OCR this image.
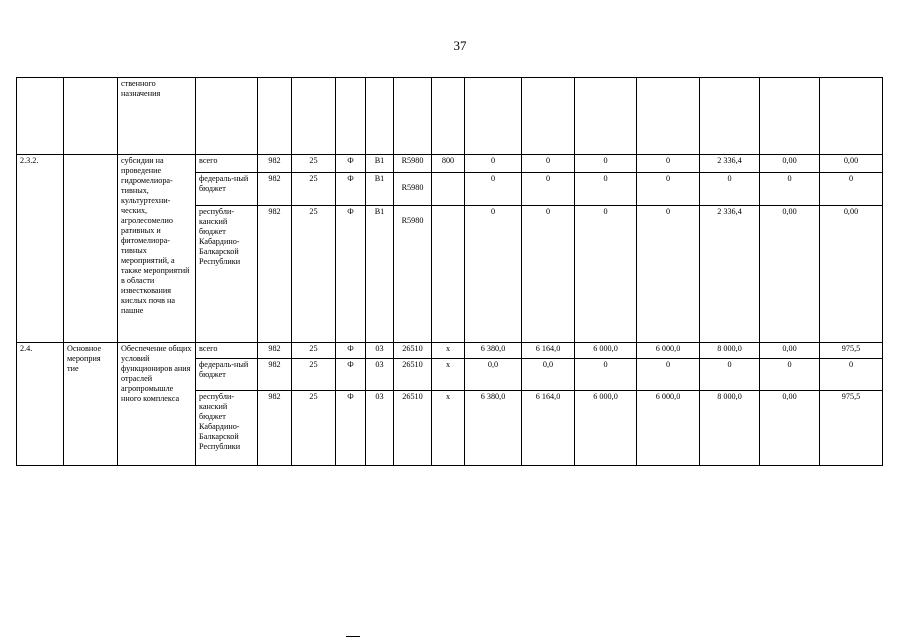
37
		ственного назначения														
2.3.2.		субсидии на проведение гидромелиора-тивных, культуртехни-ческих, агролесомелио ративных и фитомелиора-тивных мероприятий, а также мероприятий в области известкования кислых почв на пашне	всего	982	25	Ф	В1	R5980	800	0	0	0	0	2 336,4	0,00	0,00
			федераль-ный бюджет	982	25	Ф	В1	R5980		0	0	0	0	0	0	0
			республи-канский бюджет Кабардино-Балкарской Республики	982	25	Ф	В1	R5980		0	0	0	0	2 336,4	0,00	0,00
2.4.	Основное мероприя тие	Обеспечение общих условий функциониров ания отраслей агропромышле нного комплекса	всего	982	25	Ф	03	26510	х	6 380,0	6 164,0	6 000,0	6 000,0	8 000,0	0,00	975,5
			федераль-ный бюджет	982	25	Ф	03	26510	х	0,0	0,0	0	0	0	0	0
			республи-канский бюджет Кабардино-Балкарской Республики	982	25	Ф	03	26510	х	6 380,0	6 164,0	6 000,0	6 000,0	8 000,0	0,00	975,5
